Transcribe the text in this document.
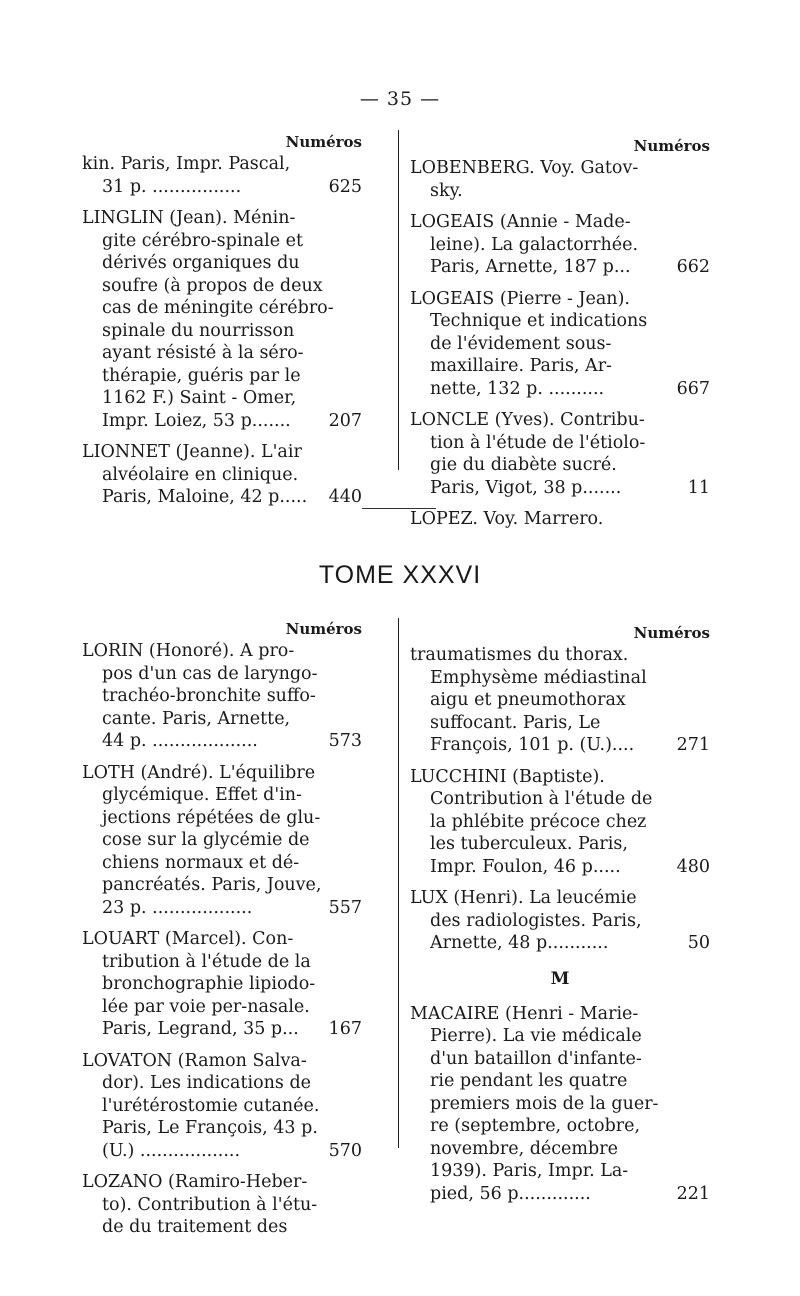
— 35 —
Numéros
kin. Paris, Impr. Pascal,
31 p. ................	625
LINGLIN (Jean). Ménin-
gite cérébro-spinale et
dérivés organiques du
soufre (à propos de deux
cas de méningite cérébro-
spinale du nourrisson
ayant résisté à la séro-
thérapie, guéris par le
1162 F.) Saint - Omer,
Impr. Loiez, 53 p.......	207
LIONNET (Jeanne). L'air
alvéolaire en clinique.
Paris, Maloine, 42 p.....	440
Numéros
LOBENBERG. Voy. Gatov-
sky.
LOGEAIS (Annie - Made-
leine). La galactorrhée.
Paris, Arnette, 187 p...	662
LOGEAIS (Pierre - Jean).
Technique et indications
de l'évidement sous-
maxillaire. Paris, Ar-
nette, 132 p. ..........	667
LONCLE (Yves). Contribu-
tion à l'étude de l'étiolo-
gie du diabète sucré.
Paris, Vigot, 38 p.......	11
LOPEZ. Voy. Marrero.
TOME XXXVI
Numéros
LORIN (Honoré). A pro-
pos d'un cas de laryngo-
trachéo-bronchite suffo-
cante. Paris, Arnette,
44 p. ...................	573
LOTH (André). L'équilibre
glycémique. Effet d'in-
jections répétées de glu-
cose sur la glycémie de
chiens normaux et dé-
pancréatés. Paris, Jouve,
23 p. ..................	557
LOUART (Marcel). Con-
tribution à l'étude de la
bronchographie lipiodo-
lée par voie per-nasale.
Paris, Legrand, 35 p...	167
LOVATON (Ramon Salva-
dor). Les indications de
l'urétérostomie cutanée.
Paris, Le François, 43 p.
(U.) ..................	570
LOZANO (Ramiro-Heber-
to). Contribution à l'étu-
de du traitement des
Numéros
traumatismes du thorax.
Emphysème médiastinal
aigu et pneumothorax
suffocant. Paris, Le
François, 101 p. (U.)....	271
LUCCHINI (Baptiste).
Contribution à l'étude de
la phlébite précoce chez
les tuberculeux. Paris,
Impr. Foulon, 46 p.....	480
LUX (Henri). La leucémie
des radiologistes. Paris,
Arnette, 48 p...........	50
M
MACAIRE (Henri - Marie-
Pierre). La vie médicale
d'un bataillon d'infante-
rie pendant les quatre
premiers mois de la guer-
re (septembre, octobre,
novembre, décembre
1939). Paris, Impr. La-
pied, 56 p.............	221
